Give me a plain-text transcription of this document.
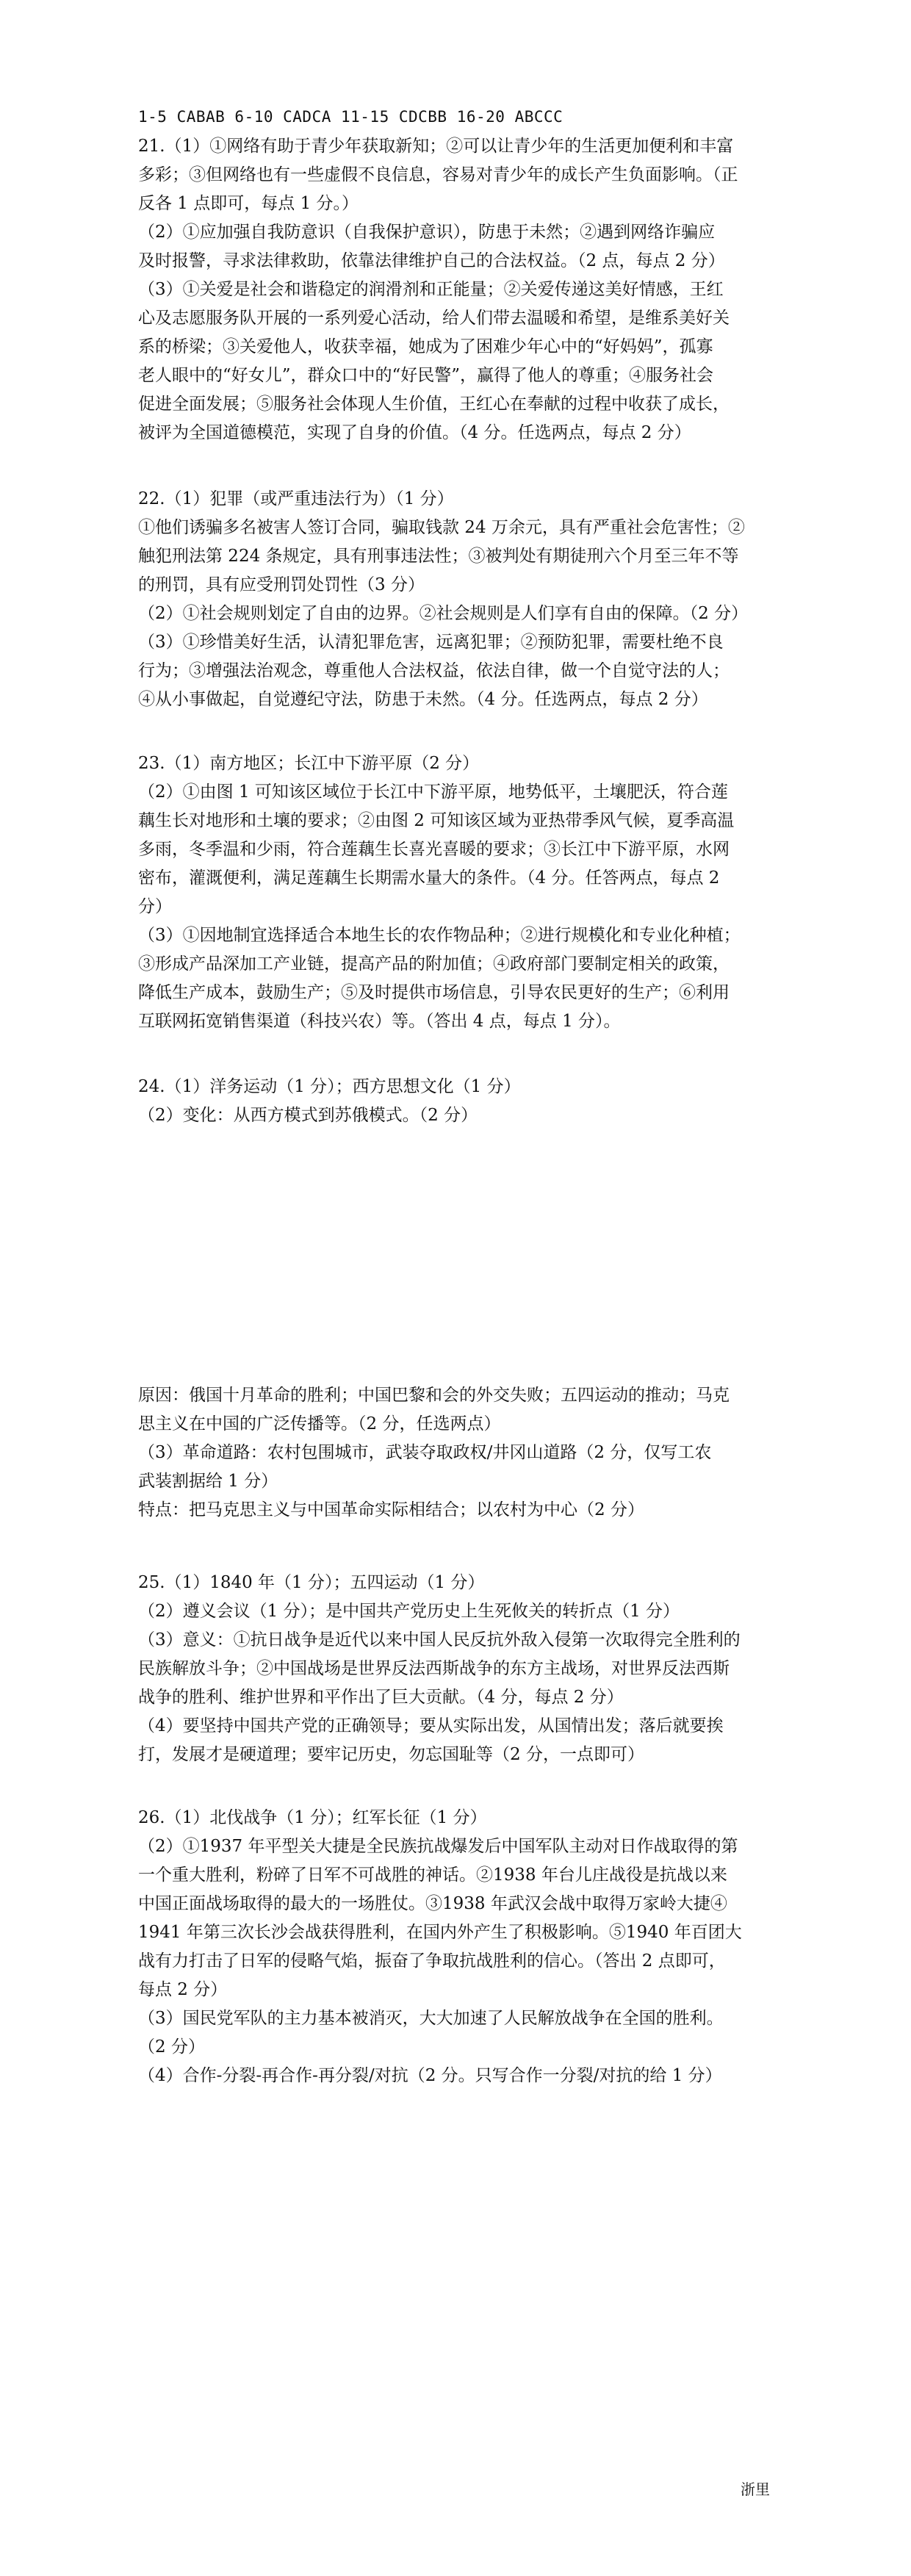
1-5 CABAB 6-10 CADCA 11-15 CDCBB 16-20 ABCCC
21.（1）①网络有助于青少年获取新知；②可以让青少年的生活更加便利和丰富
多彩；③但网络也有一些虚假不良信息，容易对青少年的成长产生负面影响。（正
反各 1 点即可，每点 1 分。）
（2）①应加强自我防意识（自我保护意识），防患于未然；②遇到网络诈骗应
及时报警，寻求法律救助，依靠法律维护自己的合法权益。（2 点，每点 2 分）
（3）①关爱是社会和谐稳定的润滑剂和正能量；②关爱传递这美好情感，王红
心及志愿服务队开展的一系列爱心活动，给人们带去温暖和希望，是维系美好关
系的桥梁；③关爱他人，收获幸福，她成为了困难少年心中的“好妈妈”，孤寡
老人眼中的“好女儿”，群众口中的“好民警”，赢得了他人的尊重；④服务社会
促进全面发展；⑤服务社会体现人生价值，王红心在奉献的过程中收获了成长，
被评为全国道德模范，实现了自身的价值。（4 分。任选两点，每点 2 分）
22.（1）犯罪（或严重违法行为）（1 分）
①他们诱骗多名被害人签订合同，骗取钱款 24 万余元，具有严重社会危害性；②
触犯刑法第 224 条规定，具有刑事违法性；③被判处有期徒刑六个月至三年不等
的刑罚，具有应受刑罚处罚性（3 分）
（2）①社会规则划定了自由的边界。②社会规则是人们享有自由的保障。（2 分）
（3）①珍惜美好生活，认清犯罪危害，远离犯罪；②预防犯罪，需要杜绝不良
行为；③增强法治观念，尊重他人合法权益，依法自律，做一个自觉守法的人；
④从小事做起，自觉遵纪守法，防患于未然。（4 分。任选两点，每点 2 分）
23.（1）南方地区；长江中下游平原（2 分）
（2）①由图 1 可知该区域位于长江中下游平原，地势低平，土壤肥沃，符合莲
藕生长对地形和土壤的要求；②由图 2 可知该区域为亚热带季风气候，夏季高温
多雨，冬季温和少雨，符合莲藕生长喜光喜暖的要求；③长江中下游平原，水网
密布，灌溉便利，满足莲藕生长期需水量大的条件。（4 分。任答两点，每点 2
分）
（3）①因地制宜选择适合本地生长的农作物品种；②进行规模化和专业化种植；
③形成产品深加工产业链，提高产品的附加值；④政府部门要制定相关的政策，
降低生产成本，鼓励生产；⑤及时提供市场信息，引导农民更好的生产；⑥利用
互联网拓宽销售渠道（科技兴农）等。（答出 4 点，每点 1 分）。
24.（1）洋务运动（1 分）；西方思想文化（1 分）
（2）变化：从西方模式到苏俄模式。（2 分）
原因：俄国十月革命的胜利；中国巴黎和会的外交失败；五四运动的推动；马克
思主义在中国的广泛传播等。（2 分，任选两点）
（3）革命道路：农村包围城市，武装夺取政权/井冈山道路（2 分，仅写工农
武装割据给 1 分）
特点：把马克思主义与中国革命实际相结合；以农村为中心（2 分）
25.（1）1840 年（1 分）；五四运动（1 分）
（2）遵义会议（1 分）；是中国共产党历史上生死攸关的转折点（1 分）
（3）意义：①抗日战争是近代以来中国人民反抗外敌入侵第一次取得完全胜利的
民族解放斗争；②中国战场是世界反法西斯战争的东方主战场，对世界反法西斯
战争的胜利、维护世界和平作出了巨大贡献。（4 分，每点 2 分）
（4）要坚持中国共产党的正确领导；要从实际出发，从国情出发；落后就要挨
打，发展才是硬道理；要牢记历史，勿忘国耻等（2 分，一点即可）
26.（1）北伐战争（1 分）；红军长征（1 分）
（2）①1937 年平型关大捷是全民族抗战爆发后中国军队主动对日作战取得的第
一个重大胜利，粉碎了日军不可战胜的神话。②1938 年台儿庄战役是抗战以来
中国正面战场取得的最大的一场胜仗。③1938 年武汉会战中取得万家岭大捷④
1941 年第三次长沙会战获得胜利，在国内外产生了积极影响。⑤1940 年百团大
战有力打击了日军的侵略气焰，振奋了争取抗战胜利的信心。（答出 2 点即可，
每点 2 分）
（3）国民党军队的主力基本被消灭，大大加速了人民解放战争在全国的胜利。
（2 分）
（4）合作-分裂-再合作-再分裂/对抗（2 分。只写合作一分裂/对抗的给 1 分）
浙里
